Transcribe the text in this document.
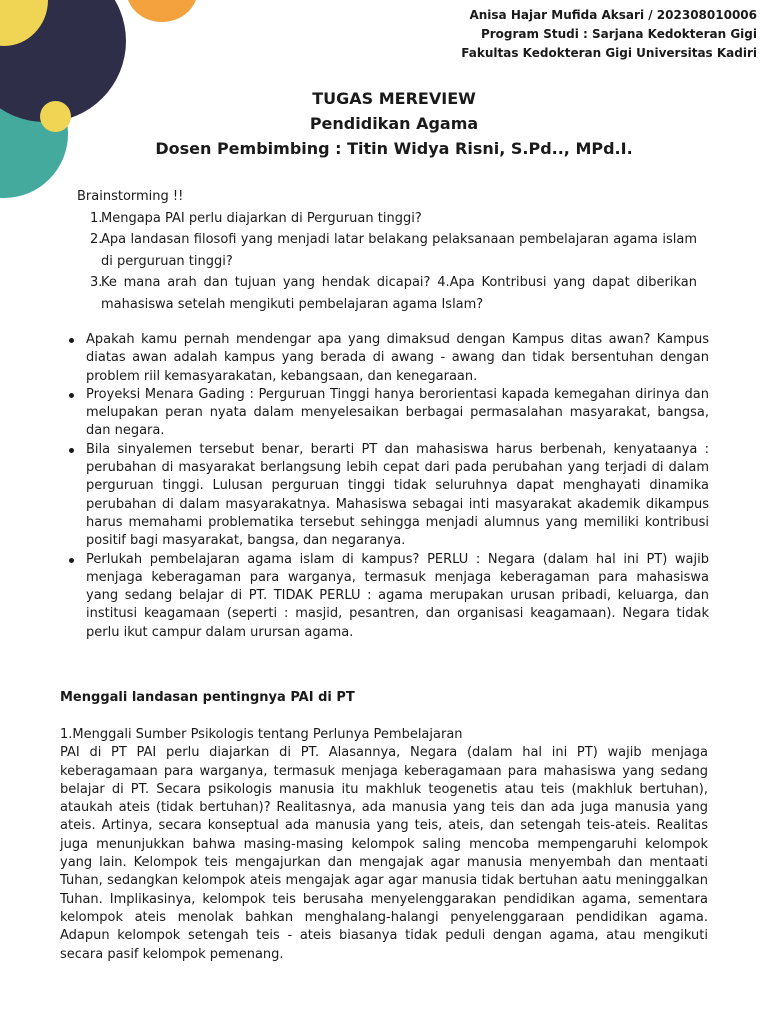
Anisa Hajar Mufida Aksari / 202308010006
Program Studi : Sarjana Kedokteran Gigi
Fakultas Kedokteran Gigi Universitas Kadiri
TUGAS MEREVIEW
Pendidikan Agama
Dosen Pembimbing : Titin Widya Risni, S.Pd.., MPd.I.
Brainstorming !!
1.
Mengapa PAI perlu diajarkan di Perguruan tinggi?
2.
Apa landasan filosofi yang menjadi latar belakang pelaksanaan pembelajaran agama islam di perguruan tinggi?
3.
Ke mana arah dan tujuan yang hendak dicapai? 4.Apa Kontribusi yang dapat diberikan mahasiswa setelah mengikuti pembelajaran agama Islam?
Apakah kamu pernah mendengar apa yang dimaksud dengan Kampus ditas awan? Kampus diatas awan adalah kampus yang berada di awang - awang dan tidak bersentuhan dengan problem riil kemasyarakatan, kebangsaan, dan kenegaraan.
Proyeksi Menara Gading : Perguruan Tinggi hanya berorientasi kapada kemegahan dirinya dan melupakan peran nyata dalam menyelesaikan berbagai permasalahan masyarakat, bangsa, dan negara.
Bila sinyalemen tersebut benar, berarti PT dan mahasiswa harus berbenah, kenyataanya : perubahan di masyarakat berlangsung lebih cepat dari pada perubahan yang terjadi di dalam perguruan tinggi. Lulusan perguruan tinggi tidak seluruhnya dapat menghayati dinamika perubahan di dalam masyarakatnya. Mahasiswa sebagai inti masyarakat akademik dikampus harus memahami problematika tersebut sehingga menjadi alumnus yang memiliki kontribusi positif bagi masyarakat, bangsa, dan negaranya.
Perlukah pembelajaran agama islam di kampus? PERLU : Negara (dalam hal ini PT) wajib menjaga keberagaman para warganya, termasuk menjaga keberagaman para mahasiswa yang sedang belajar di PT. TIDAK PERLU : agama merupakan urusan pribadi, keluarga, dan institusi keagamaan (seperti : masjid, pesantren, dan organisasi keagamaan). Negara tidak perlu ikut campur dalam urursan agama.
Menggali landasan pentingnya PAI di PT

1.Menggali Sumber Psikologis tentang Perlunya Pembelajaran

PAI di PT PAI perlu diajarkan di PT. Alasannya, Negara (dalam hal ini PT) wajib menjaga keberagamaan para warganya, termasuk menjaga keberagamaan para mahasiswa yang sedang belajar di PT. Secara psikologis manusia itu makhluk teogenetis atau teis (makhluk bertuhan), ataukah ateis (tidak bertuhan)? Realitasnya, ada manusia yang teis dan ada juga manusia yang ateis. Artinya, secara konseptual ada manusia yang teis, ateis, dan setengah teis-ateis. Realitas juga menunjukkan bahwa masing-masing kelompok saling mencoba mempengaruhi kelompok yang lain. Kelompok teis mengajurkan dan mengajak agar manusia menyembah dan mentaati Tuhan, sedangkan kelompok ateis mengajak agar agar manusia tidak bertuhan aatu meninggalkan Tuhan. Implikasinya, kelompok teis berusaha menyelenggarakan pendidikan agama, sementara kelompok ateis menolak bahkan menghalang-halangi penyelenggaraan pendidikan agama. Adapun kelompok setengah teis - ateis biasanya tidak peduli dengan agama, atau mengikuti secara pasif kelompok pemenang.
